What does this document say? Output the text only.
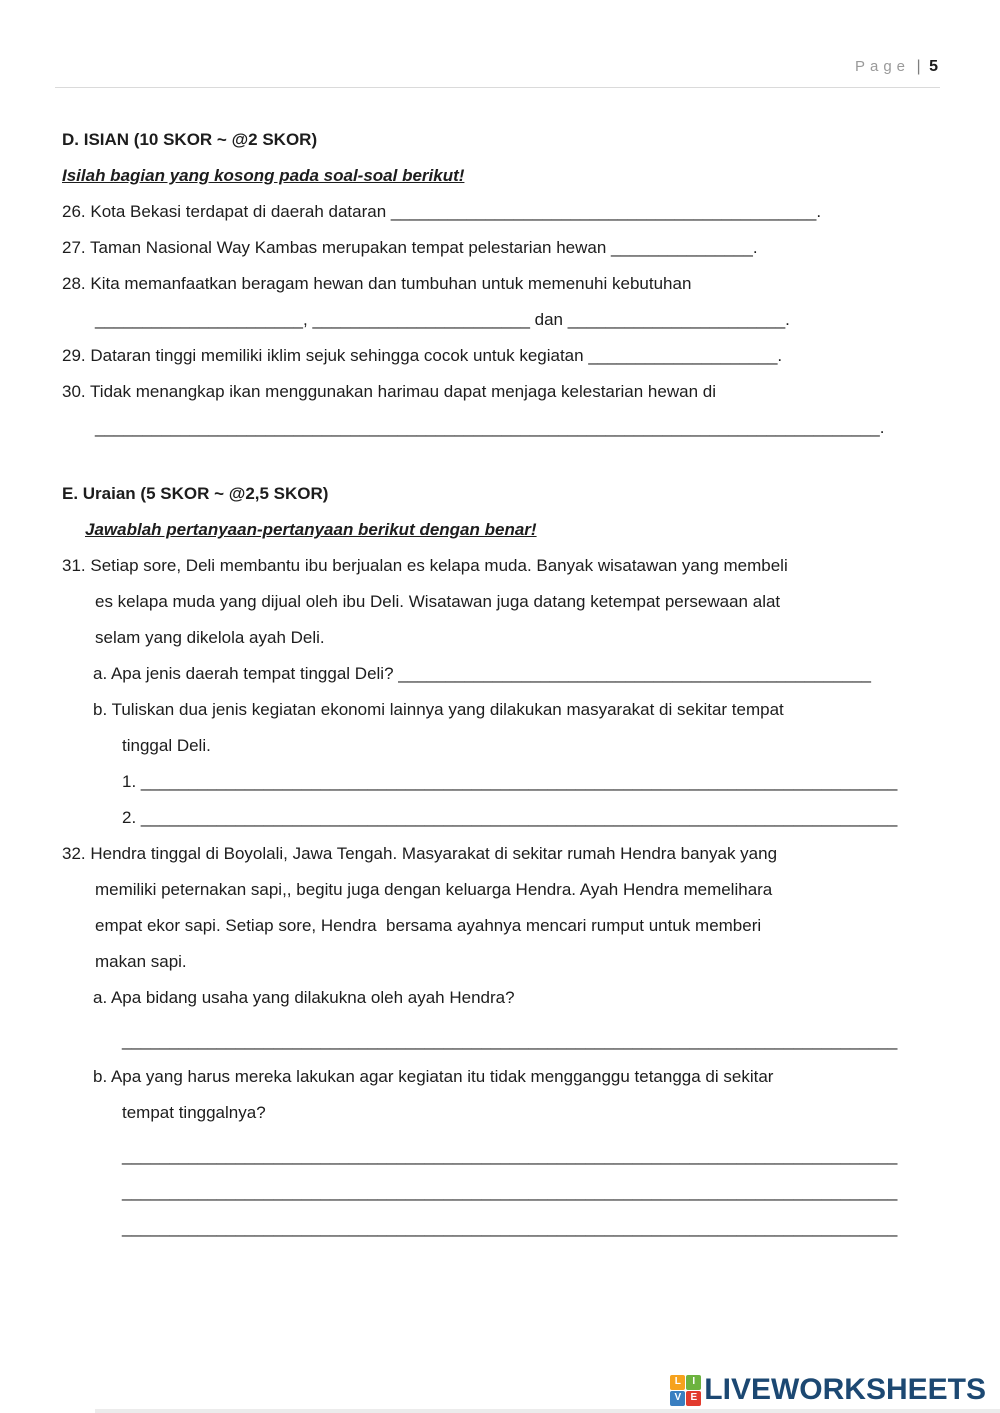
Page | 5
D. ISIAN (10 SKOR ~ @2 SKOR)
Isilah bagian yang kosong pada soal-soal berikut!
26. Kota Bekasi terdapat di daerah dataran _____________________________________________.
27. Taman Nasional Way Kambas merupakan tempat pelestarian hewan _______________.
28. Kita memanfaatkan beragam hewan dan tumbuhan untuk memenuhi kebutuhan
______________________, _______________________ dan _______________________.
29. Dataran tinggi memiliki iklim sejuk sehingga cocok untuk kegiatan ____________________.
30. Tidak menangkap ikan menggunakan harimau dapat menjaga kelestarian hewan di
___________________________________________________________________________________.
E. Uraian (5 SKOR ~ @2,5 SKOR)
Jawablah pertanyaan-pertanyaan berikut dengan benar!
31. Setiap sore, Deli membantu ibu berjualan es kelapa muda. Banyak wisatawan yang membeli
es kelapa muda yang dijual oleh ibu Deli. Wisatawan juga datang ketempat persewaan alat
selam yang dikelola ayah Deli.
a. Apa jenis daerah tempat tinggal Deli? __________________________________________________
b. Tuliskan dua jenis kegiatan ekonomi lainnya yang dilakukan masyarakat di sekitar tempat
tinggal Deli.
1. ________________________________________________________________________________
2. ________________________________________________________________________________
32. Hendra tinggal di Boyolali, Jawa Tengah. Masyarakat di sekitar rumah Hendra banyak yang
memiliki peternakan sapi,, begitu juga dengan keluarga Hendra. Ayah Hendra memelihara
empat ekor sapi. Setiap sore, Hendra  bersama ayahnya mencari rumput untuk memberi
makan sapi.
a. Apa bidang usaha yang dilakukna oleh ayah Hendra?
__________________________________________________________________________________
b. Apa yang harus mereka lakukan agar kegiatan itu tidak mengganggu tetangga di sekitar
tempat tinggalnya?
__________________________________________________________________________________
__________________________________________________________________________________
__________________________________________________________________________________
L	I
V E LIVEWORKSHEETS
